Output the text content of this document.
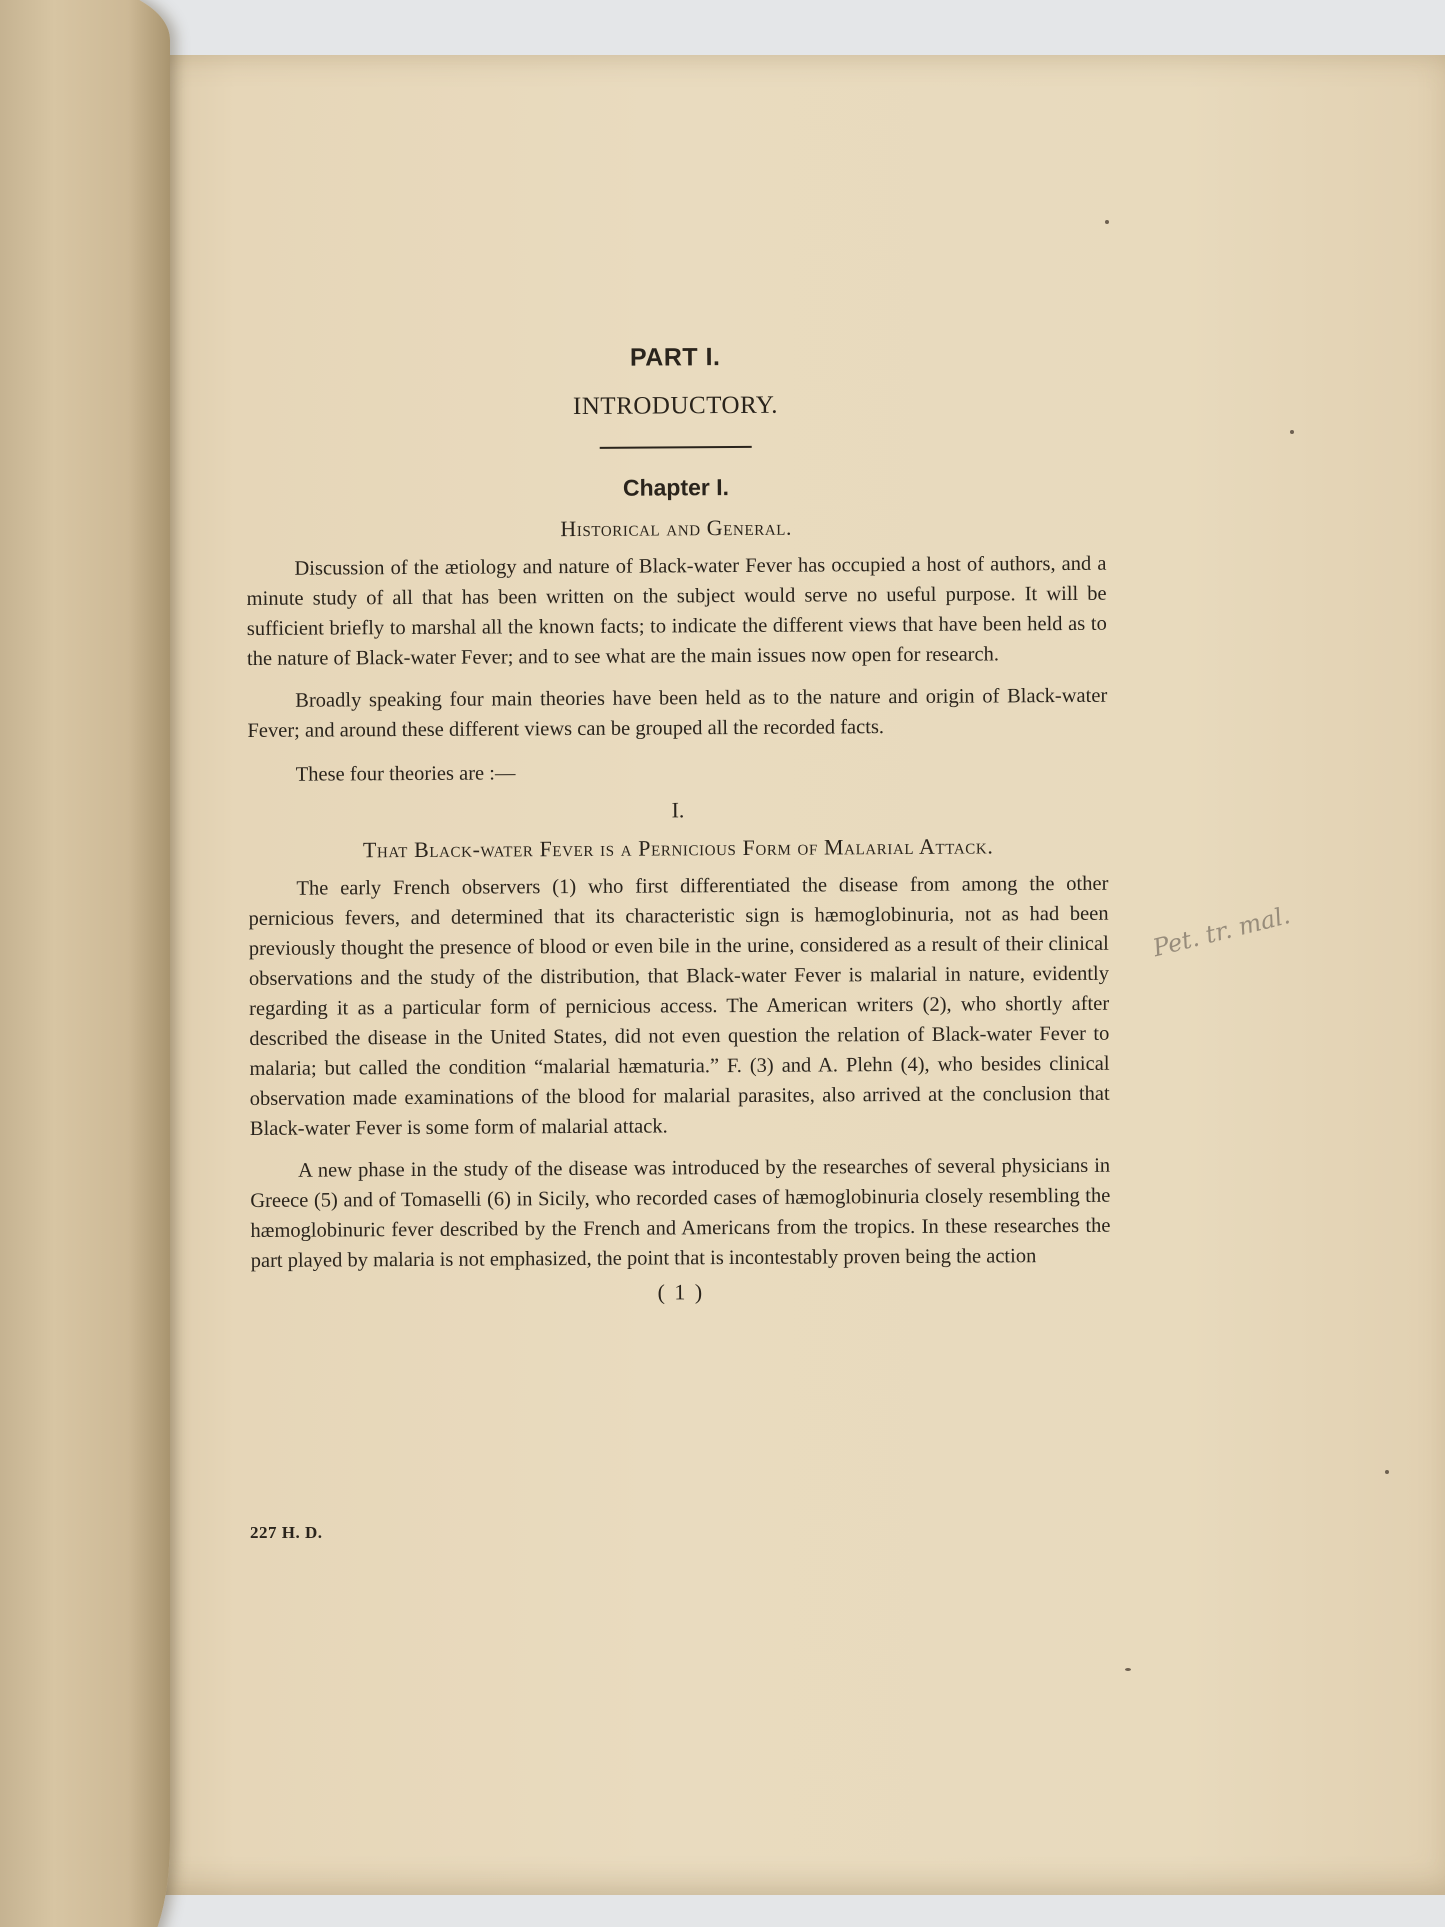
PART I.
INTRODUCTORY.
Chapter I.
Historical and General.

Discussion of the ætiology and nature of Black-water Fever has occupied a host of authors, and a minute study of all that has been written on the subject would serve no useful purpose. It will be sufficient briefly to marshal all the known facts; to indicate the different views that have been held as to the nature of Black-water Fever; and to see what are the main issues now open for research.

Broadly speaking four main theories have been held as to the nature and origin of Black-water Fever; and around these different views can be grouped all the recorded facts.

These four theories are :—

I.
That Black-water Fever is a Pernicious Form of Malarial Attack.

The early French observers (1) who first differentiated the disease from among the other pernicious fevers, and determined that its characteristic sign is hæmoglobinuria, not as had been previously thought the presence of blood or even bile in the urine, considered as a result of their clinical observations and the study of the distribution, that Black-water Fever is malarial in nature, evidently regarding it as a particular form of pernicious access. The American writers (2), who shortly after described the disease in the United States, did not even question the relation of Black-water Fever to malaria; but called the condition “malarial hæmaturia.” F. (3) and A. Plehn (4), who besides clinical observation made examinations of the blood for malarial parasites, also arrived at the conclusion that Black-water Fever is some form of malarial attack.

A new phase in the study of the disease was introduced by the researches of several physicians in Greece (5) and of Tomaselli (6) in Sicily, who recorded cases of hæmoglobinuria closely resembling the hæmoglobinuric fever described by the French and Americans from the tropics. In these researches the part played by malaria is not emphasized, the point that is incontestably proven being the action

( 1 )
227 H. D.
Pet. tr. mal.
